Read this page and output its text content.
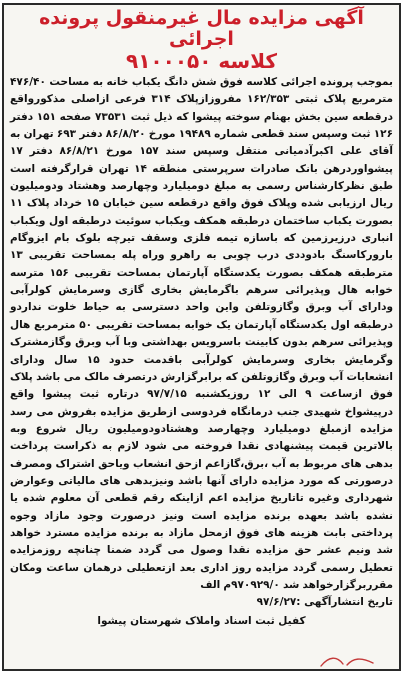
آگهی مزایده مال غیرمنقول پرونده اجرائی
کلاسه ۹۱۰۰۰۵۰
بموجب پرونده اجرائی کلاسه فوق شش دانگ یکباب خانه به مساحت ۴۷۶/۴۰ مترمربع پلاک ثبتی ۱۶۲/۳۵۳ مفروزازپلاک ۳۱۴ فرعی ازاصلی مذکورواقع درقطعه سین بخش بهنام سوخته پیشوا که ذیل ثبت ۷۳۵۳۱ صفحه ۱۵۱ دفتر ۱۲۶ ثبت وسپس سند قطعی شماره ۱۹۴۸۹ مورخ ۸۶/۸/۲۰ دفتر ۶۹۳ تهران به آقای علی اکبرآدمیانی منتقل وسپس سند ۱۵۷ مورخ ۸۶/۸/۲۱ دفتر ۱۷ پیشواوردرهن بانک صادرات سرپرستی منطقه ۱۴ تهران قرارگرفته است طبق نظرکارشناس رسمی به مبلغ دومیلیارد وچهارصد وهشتاد ودومیلیون ریال ارزیابی شده وپلاک فوق واقع درقطعه سین خیابان ۱۵ خرداد پلاک ۱۱ بصورت یکباب ساختمان درطبقه همکف ویکباب سوئیت درطبقه اول ویکباب انباری درزیرزمین که باسازه تیمه فلزی وسقف تیرچه بلوک بام ایزوگام بارورکاسنگ بادوددی درب چوبی به راهرو وراه پله بمساحت تقریبی ۱۳ مترطبقه همکف بصورت یکدستگاه آپارتمان بمساحت تقریبی ۱۵۶ مترسه خوابه هال وپذیرائی سرهم باگرمایش بخاری گازی وسرمایش کولرآبی ودارای آب وبرق وگازوتلفن واین واحد دسترسی به حیاط خلوت نداردو درطبقه اول یکدستگاه آپارتمان یک خوابه بمساحت تقریبی ۵۰ مترمربع هال وپذیرائی سرهم بدون کابینت باسرویس بهداشتی وبا آب وبرق وگازمشترک وگرمایش بخاری وسرمایش کولرآبی باقدمت حدود ۱۵ سال ودارای انشعابات آب وبرق وگازوتلفن که برابرگزارش درتصرف مالک می باشد پلاک فوق ازساعت ۹ الی ۱۲ روزیکشنبه ۹۷/۷/۱۵ درتاره ثبت پیشوا واقع درپیشواخ شهیدی جنب درمانگاه فردوسی ازطریق مزایده بفروش می رسد مزایده ازمبلغ دومیلیارد وچهارصد وهشتادودومیلیون ریال شروع وبه بالاترین قیمت پیشنهادی نقدا فروخته می شود لازم به ذکراست پرداخت بدهی های مربوط به آب ،برق،گازاعم ازحق انشعاب وياحق اشتراک ومصرف درصورتی که مورد مزایده دارای آنها باشد ونیزبدهی های مالیاتی وعوارض شهرداری وغیره تاتاریخ مزایده اعم ازاینکه رقم قطعی آن معلوم شده یا نشده باشد بعهده برنده مزایده است ونیز درصورت وجود مازاد وجوه پرداختی بابت هزینه های فوق ازمحل مازاد به برنده مزایده مسترد خواهد شد ونیم عشر حق مزایده نقدا وصول می گردد ضمنا چنانچه روزمزایده تعطیل رسمی گردد مزایده روز اداری بعد ازتعطیلی درهمان ساعت ومکان مقرربرگزارخواهد شد ۹۷۰۹۲۹/۰م الف
تاریخ انتشارآگهی :۹۷/۶/۲۷
کفیل ثبت اسناد واملاک شهرستان پیشوا
